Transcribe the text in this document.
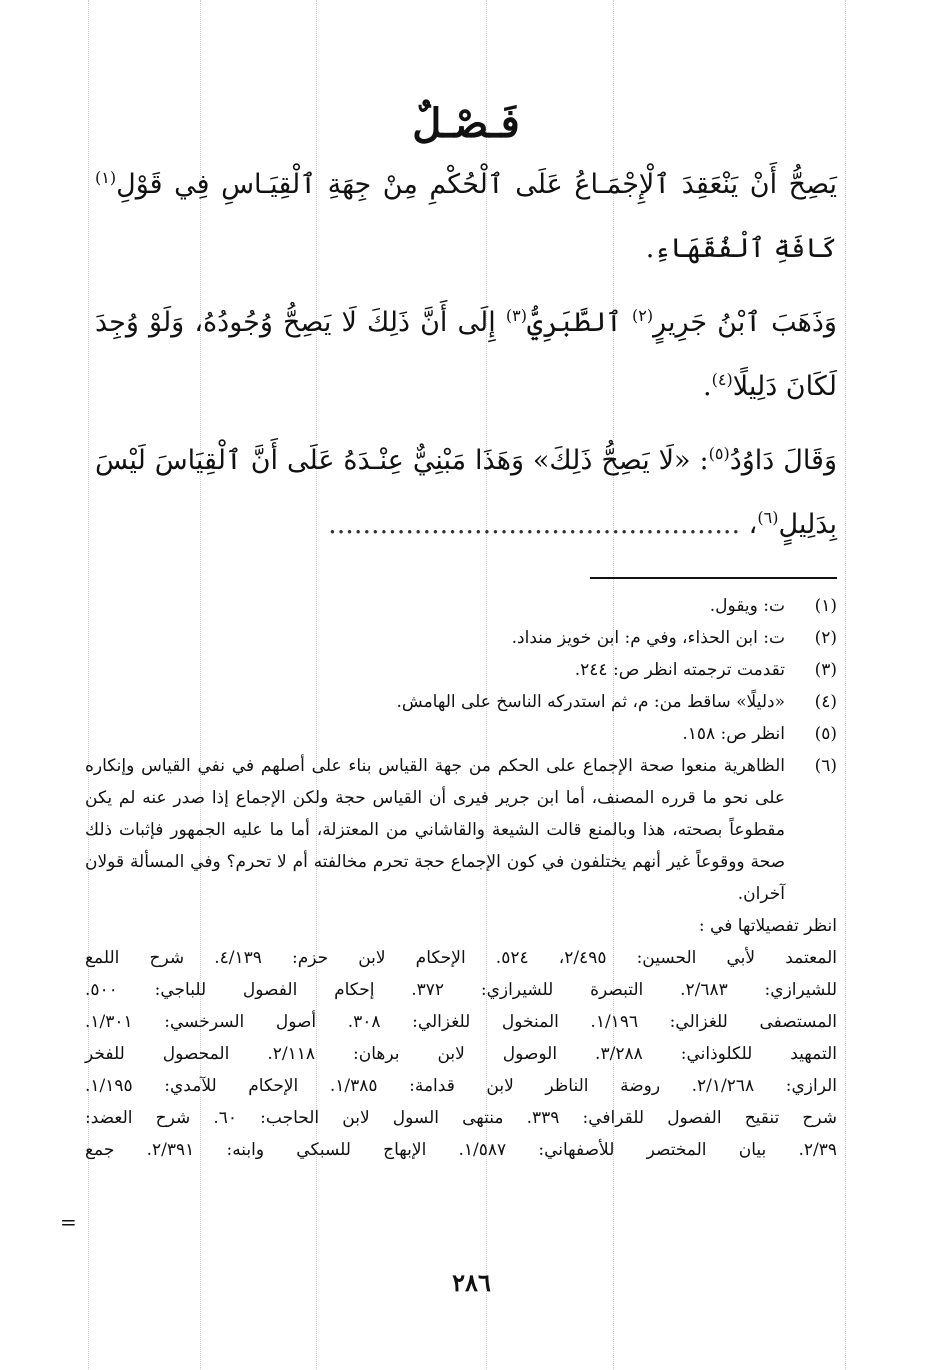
فَـصْـلٌ

يَصِحُّ أَنْ يَنْعَقِدَ ٱلْإِجْمَـاعُ عَلَى ٱلْحُكْمِ مِنْ جِهَةِ ٱلْقِيَـاسِ فِي قَوْلِ$^{(١)}$ كَافَةِ ٱلْفُقَهَاءِ.

وَذَهَبَ ٱبْنُ جَرِيرٍ$^{(٢)}$ ٱلطَّبَرِيُّ$^{(٣)}$ إِلَى أَنَّ ذَلِكَ لَا يَصِحُّ وُجُودُهُ، وَلَوْ وُجِدَ لَكَانَ دَلِيلًا$^{(٤)}$.

وَقَالَ دَاوُدُ$^{(٥)}$: «لَا يَصِحُّ ذَلِكَ» وَهَذَا مَبْنِيٌّ عِنْـدَهُ عَلَى أَنَّ ٱلْقِيَاسَ لَيْسَ بِدَلِيلٍ$^{(٦)}$، ................................................

(١)
ت: ويقول.
(٢)
ت: ابن الحذاء، وفي م: ابن خويز منداد.
(٣)
تقدمت ترجمته انظر ص: ٢٤٤.
(٤)
«دليلًا» ساقط من: م، ثم استدركه الناسخ على الهامش.
(٥)
انظر ص: ١٥٨.
(٦)
الظاهرية منعوا صحة الإجماع على الحكم من جهة القياس بناء على أصلهم في نفي القياس وإنكاره على نحو ما قرره المصنف، أما ابن جرير فيرى أن القياس حجة ولكن الإجماع إذا صدر عنه لم يكن مقطوعاً بصحته، هذا وبالمنع قالت الشيعة والقاشاني من المعتزلة، أما ما عليه الجمهور فإثبات ذلك صحة ووقوعاً غير أنهم يختلفون في كون الإجماع حجة تحرم مخالفته أم لا تحرم؟ وفي المسألة قولان آخران.
انظر تفصيلاتها في :
المعتمد لأبي الحسين: ٢/٤٩٥، ٥٢٤. الإحكام لابن حزم: ٤/١٣٩. شرح اللمع
للشيرازي: ٢/٦٨٣. التبصرة للشيرازي: ٣٧٢. إحكام الفصول للباجي: ٥٠٠.
المستصفى للغزالي: ١/١٩٦. المنخول للغزالي: ٣٠٨. أصول السرخسي: ١/٣٠١.
التمهيد للكلوذاني: ٣/٢٨٨. الوصول لابن برهان: ٢/١١٨. المحصول للفخر
الرازي: ٢/١/٢٦٨. روضة الناظر لابن قدامة: ١/٣٨٥. الإحكام للآمدي: ١/١٩٥.
شرح تنقيح الفصول للقرافي: ٣٣٩. منتهى السول لابن الحاجب: ٦٠. شرح العضد:
٢/٣٩. بيان المختصر للأصفهاني: ١/٥٨٧. الإبهاج للسبكي وابنه: ٢/٣٩١. جمع
=
٢٨٦
